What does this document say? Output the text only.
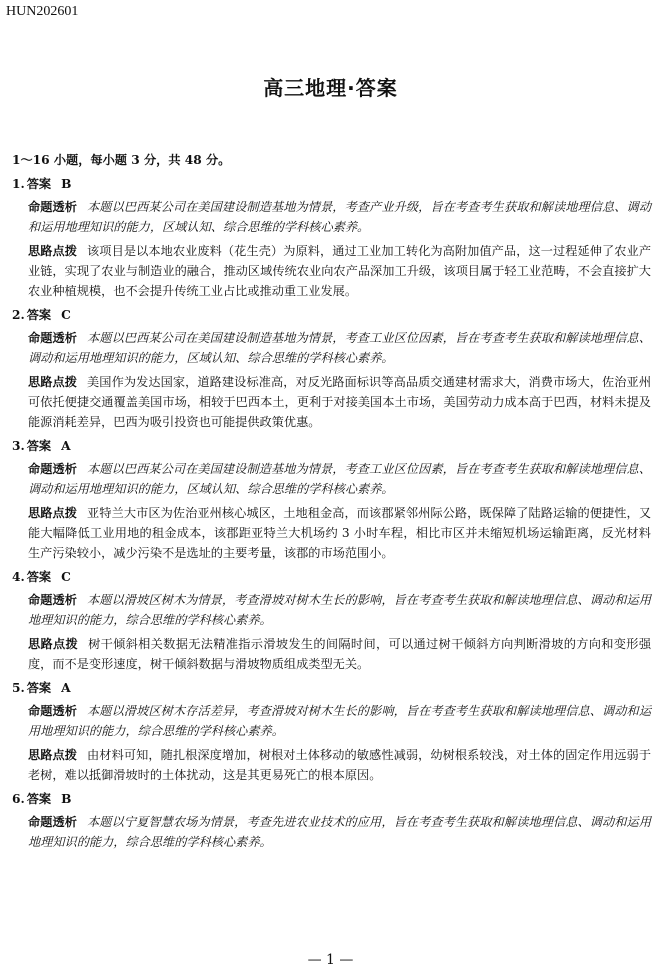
HUN202601
高三地理·答案
1～16 小题，每小题 3 分，共 48 分。
1. 答案 B
命题透析 本题以巴西某公司在美国建设制造基地为情景，考查产业升级，旨在考查考生获取和解读地理信息、调动和运用地理知识的能力，区域认知、综合思维的学科核心素养。
思路点拨 该项目是以本地农业废料（花生壳）为原料，通过工业加工转化为高附加值产品，这一过程延伸了农业产业链，实现了农业与制造业的融合，推动区域传统农业向农产品深加工升级，该项目属于轻工业范畴，不会直接扩大农业种植规模，也不会提升传统工业占比或推动重工业发展。
2. 答案 C
命题透析 本题以巴西某公司在美国建设制造基地为情景，考查工业区位因素，旨在考查考生获取和解读地理信息、调动和运用地理知识的能力，区域认知、综合思维的学科核心素养。
思路点拨 美国作为发达国家，道路建设标准高，对反光路面标识等高品质交通建材需求大，消费市场大，佐治亚州可依托便捷交通覆盖美国市场，相较于巴西本土，更利于对接美国本土市场，美国劳动力成本高于巴西，材料未提及能源消耗差异，巴西为吸引投资也可能提供政策优惠。
3. 答案 A
命题透析 本题以巴西某公司在美国建设制造基地为情景，考查工业区位因素，旨在考查考生获取和解读地理信息、调动和运用地理知识的能力，区域认知、综合思维的学科核心素养。
思路点拨 亚特兰大市区为佐治亚州核心城区，土地租金高，而该郡紧邻州际公路，既保障了陆路运输的便捷性，又能大幅降低工业用地的租金成本，该郡距亚特兰大机场约 3 小时车程，相比市区并未缩短机场运输距离，反光材料生产污染较小，减少污染不是选址的主要考量，该郡的市场范围小。
4. 答案 C
命题透析 本题以滑坡区树木为情景，考查滑坡对树木生长的影响，旨在考查考生获取和解读地理信息、调动和运用地理知识的能力，综合思维的学科核心素养。
思路点拨 树干倾斜相关数据无法精准指示滑坡发生的间隔时间，可以通过树干倾斜方向判断滑坡的方向和变形强度，而不是变形速度，树干倾斜数据与滑坡物质组成类型无关。
5. 答案 A
命题透析 本题以滑坡区树木存活差异，考查滑坡对树木生长的影响，旨在考查考生获取和解读地理信息、调动和运用地理知识的能力，综合思维的学科核心素养。
思路点拨 由材料可知，随扎根深度增加，树根对土体移动的敏感性减弱，幼树根系较浅，对土体的固定作用远弱于老树，难以抵御滑坡时的土体扰动，这是其更易死亡的根本原因。
6. 答案 B
命题透析 本题以宁夏智慧农场为情景，考查先进农业技术的应用，旨在考查考生获取和解读地理信息、调动和运用地理知识的能力，综合思维的学科核心素养。
— 1 —
